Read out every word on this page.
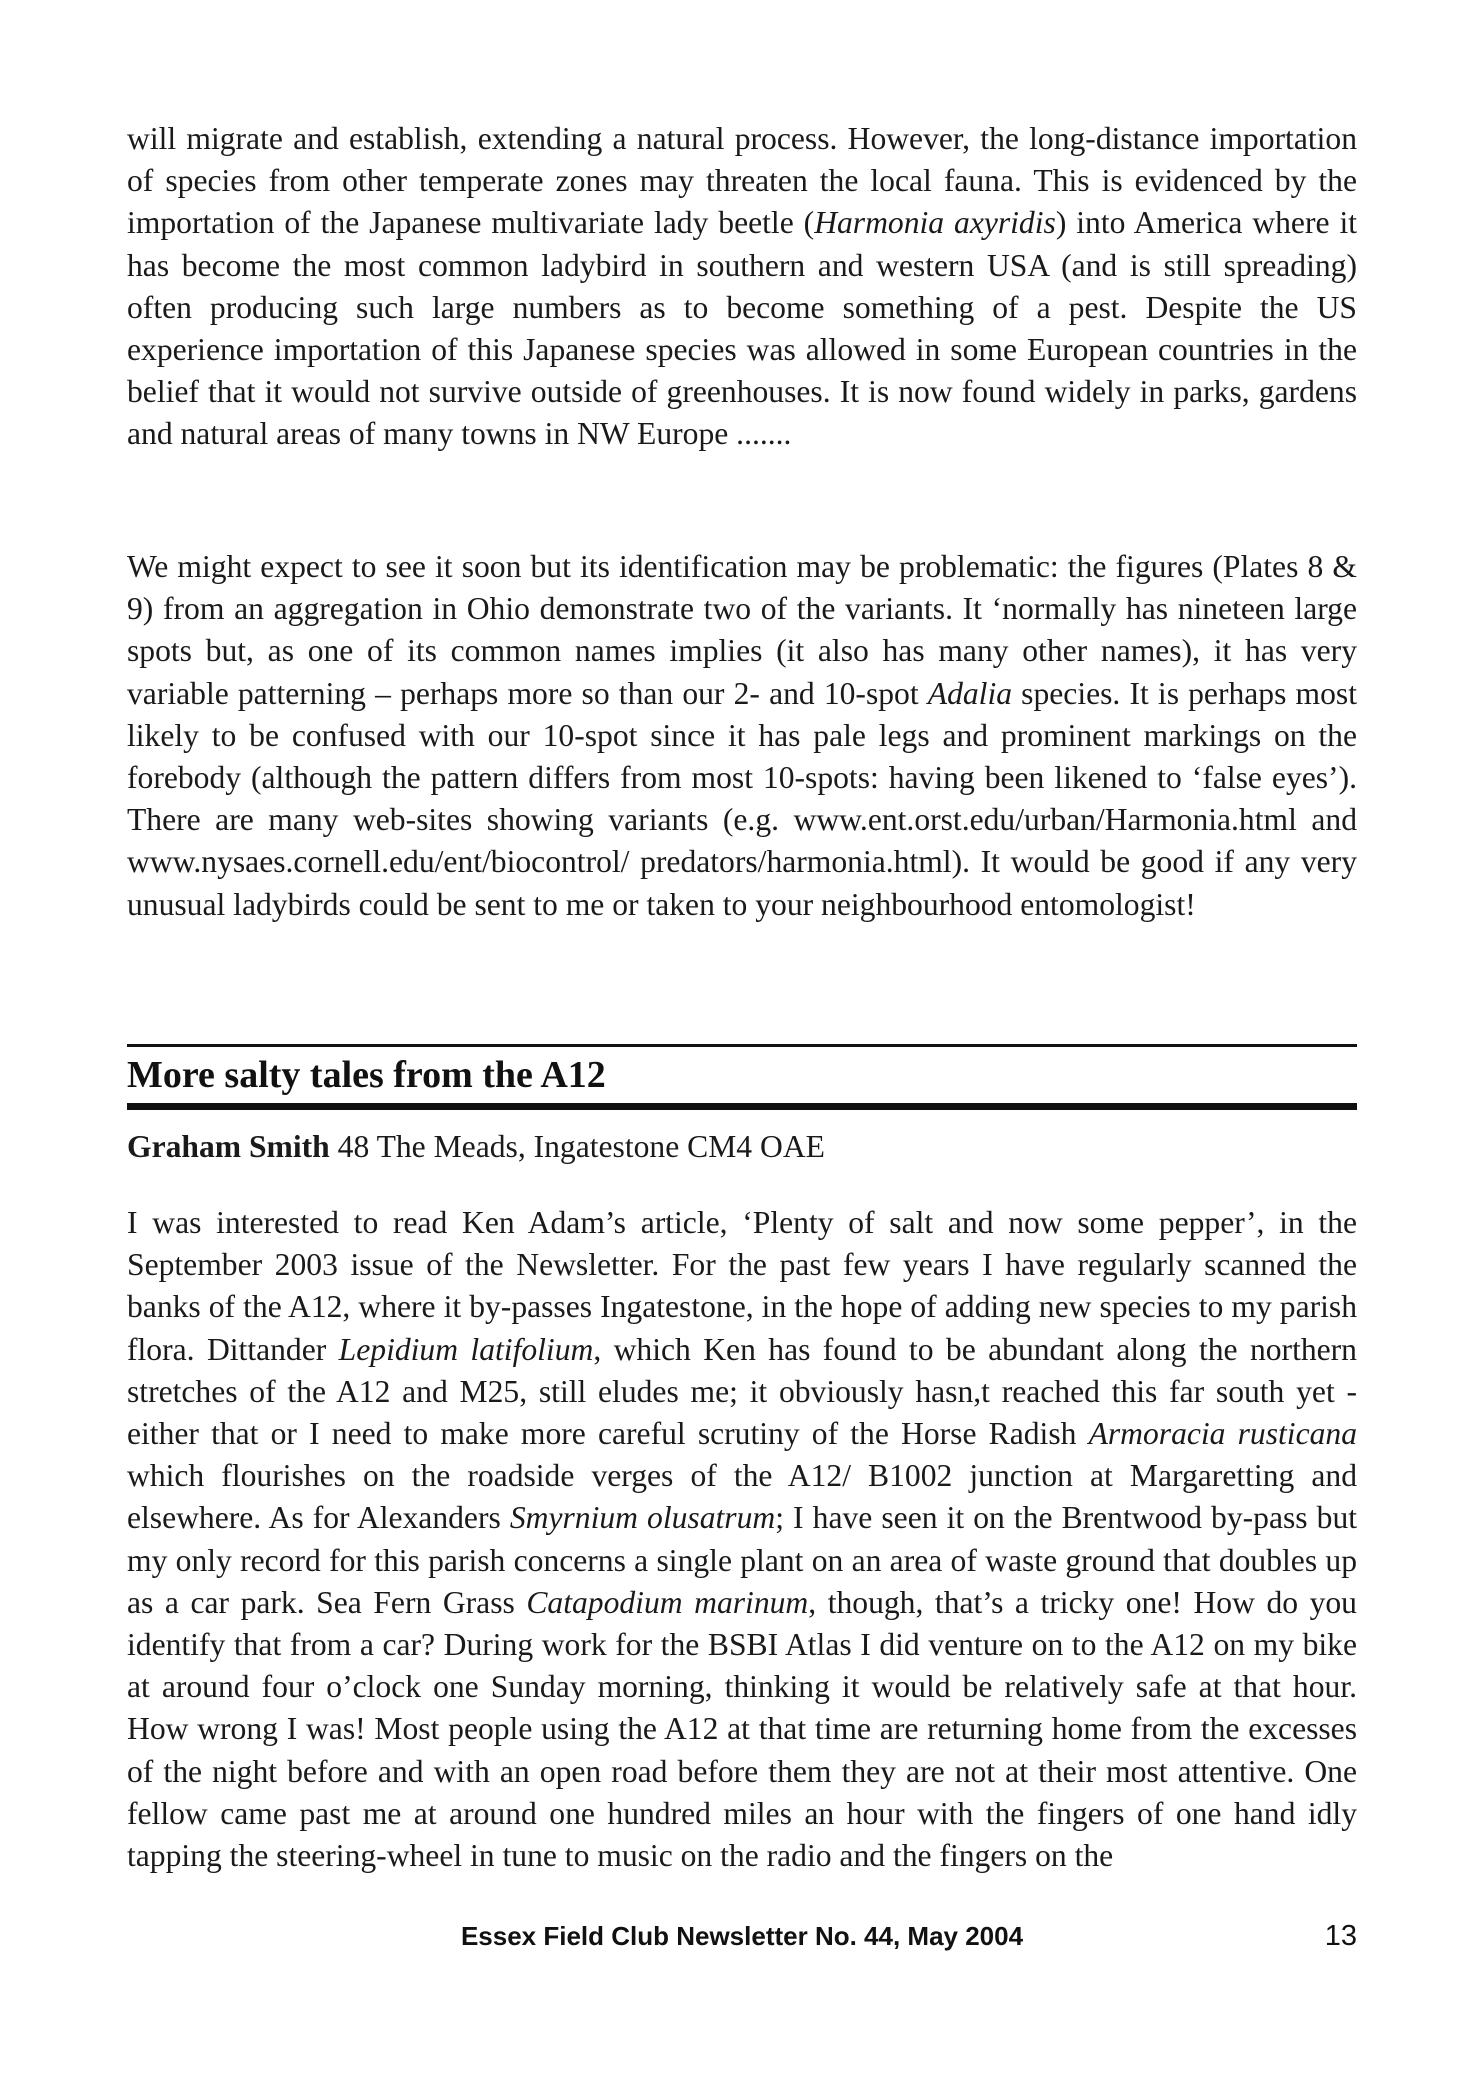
will migrate and establish, extending a natural process. However, the long-distance importation of species from other temperate zones may threaten the local fauna. This is evidenced by the importation of the Japanese multivariate lady beetle (Harmonia axyridis) into America where it has become the most common ladybird in southern and western USA (and is still spreading) often producing such large numbers as to become something of a pest. Despite the US experience importation of this Japanese species was allowed in some European countries in the belief that it would not survive outside of greenhouses. It is now found widely in parks, gardens and natural areas of many towns in NW Europe .......

We might expect to see it soon but its identification may be problematic: the figures (Plates 8 & 9) from an aggregation in Ohio demonstrate two of the variants. It ‘normally has nineteen large spots but, as one of its common names implies (it also has many other names), it has very variable patterning – perhaps more so than our 2- and 10-spot Adalia species. It is perhaps most likely to be confused with our 10-spot since it has pale legs and prominent markings on the forebody (although the pattern differs from most 10-spots: having been likened to ‘false eyes’). There are many web-sites showing variants (e.g. www.ent.orst.edu/urban/Harmonia.html and www.nysaes.cornell.edu/ent/biocontrol/ predators/harmonia.html). It would be good if any very unusual ladybirds could be sent to me or taken to your neighbourhood entomologist!

More salty tales from the A12

Graham Smith 48 The Meads, Ingatestone CM4 OAE

I was interested to read Ken Adam’s article, ‘Plenty of salt and now some pepper’, in the September 2003 issue of the Newsletter. For the past few years I have regularly scanned the banks of the A12, where it by-passes Ingatestone, in the hope of adding new species to my parish flora. Dittander Lepidium latifolium, which Ken has found to be abundant along the northern stretches of the A12 and M25, still eludes me; it obviously hasn,t reached this far south yet - either that or I need to make more careful scrutiny of the Horse Radish Armoracia rusticana which flourishes on the roadside verges of the A12/ B1002 junction at Margaretting and elsewhere. As for Alexanders Smyrnium olusatrum; I have seen it on the Brentwood by-pass but my only record for this parish concerns a single plant on an area of waste ground that doubles up as a car park. Sea Fern Grass Catapodium marinum, though, that’s a tricky one! How do you identify that from a car? During work for the BSBI Atlas I did venture on to the A12 on my bike at around four o’clock one Sunday morning, thinking it would be relatively safe at that hour. How wrong I was! Most people using the A12 at that time are returning home from the excesses of the night before and with an open road before them they are not at their most attentive. One fellow came past me at around one hundred miles an hour with the fingers of one hand idly tapping the steering-wheel in tune to music on the radio and the fingers on the

Essex Field Club Newsletter No. 44, May 2004	13
